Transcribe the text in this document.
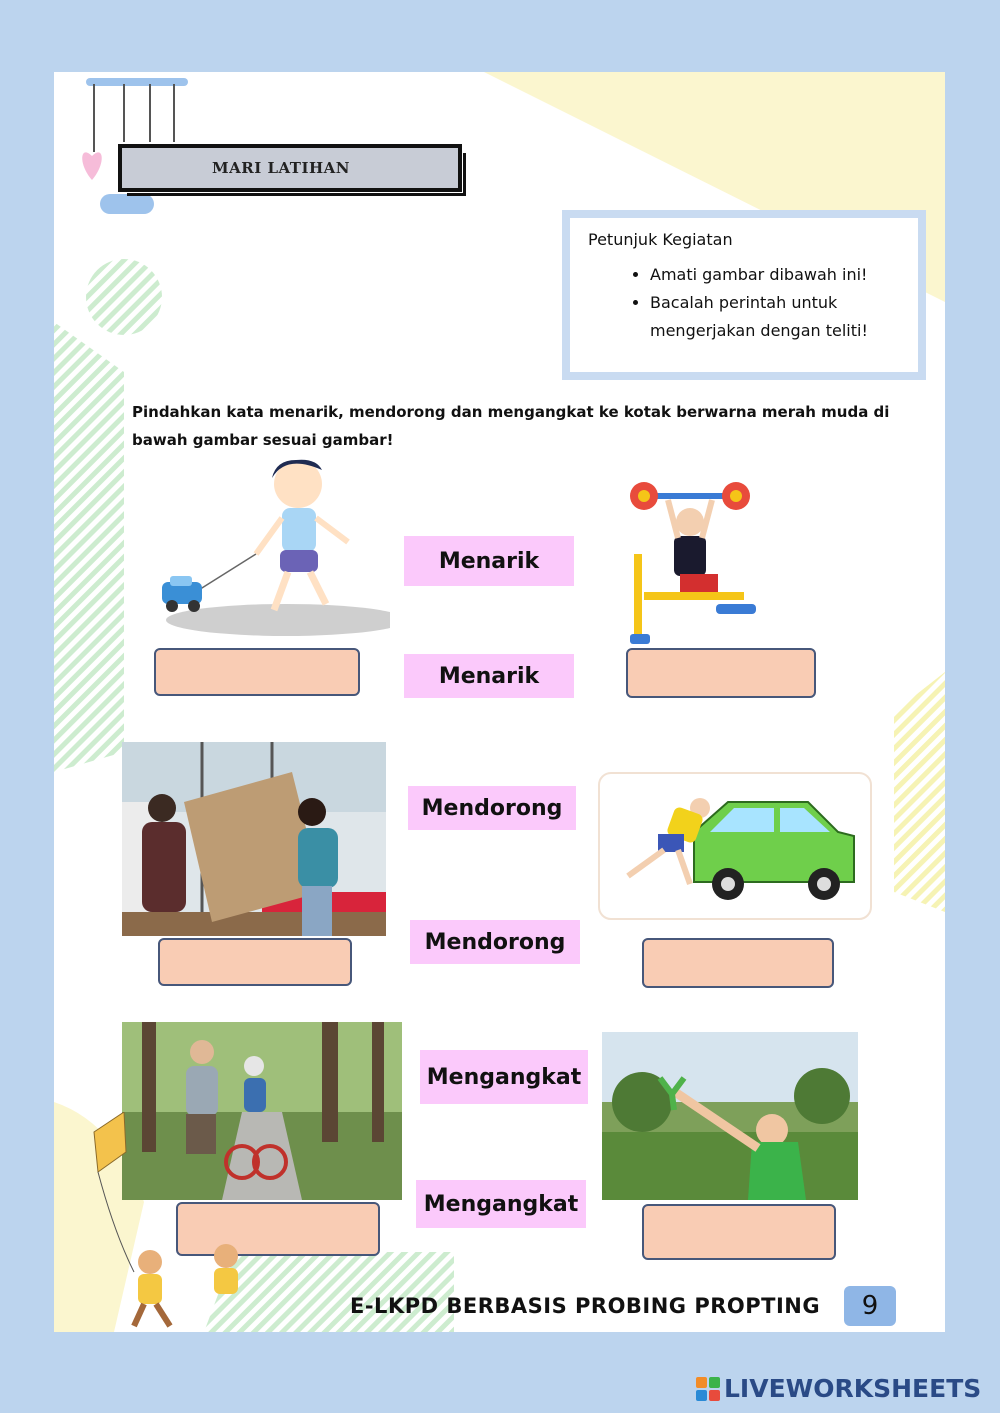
MARI LATIHAN
Petunjuk Kegiatan
• Amati gambar dibawah ini!
• Bacalah perintah untuk mengerjakan dengan teliti!
Pindahkan kata menarik, mendorong dan mengangkat ke kotak berwarna merah muda di bawah gambar sesuai gambar!
Menarik
Menarik
Mendorong
Mendorong
Mengangkat
Mengangkat
E-LKPD BERBASIS PROBING PROPTING 9
LIVEWORKSHEETS
